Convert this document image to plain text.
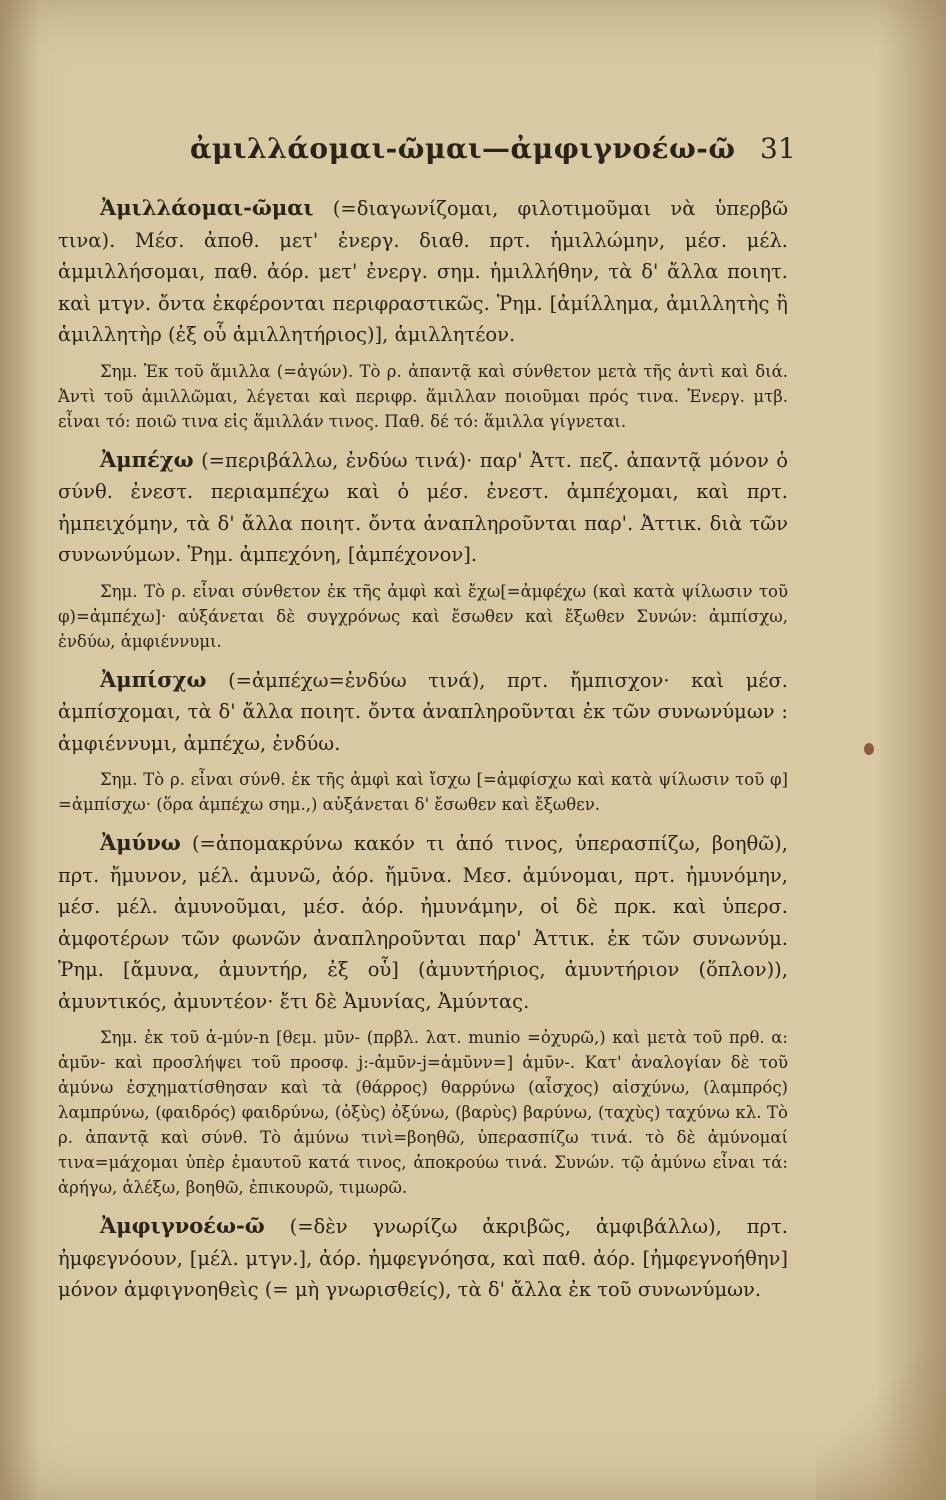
ἀμιλλάομαι-ῶμαι—ἀμφιγνοέω-ῶ 31

Ἀμιλλάομαι-ῶμαι (=διαγωνίζομαι, φιλοτιμοῦμαι νὰ ὑπερβῶ τινα). Μέσ. ἀποθ. μετ' ἐνεργ. διαθ. πρτ. ἡμιλλώμην, μέσ. μέλ. ἁμμιλλήσομαι, παθ. ἀόρ. μετ' ἐνεργ. σημ. ἡμιλλήθην, τὰ δ' ἄλλα ποιητ. καὶ μτγν. ὄντα ἐκφέρονται περιφραστικῶς. Ῥημ. [ἀμίλλημα, ἀμιλλητὴς ἢ ἁμιλλητὴρ (ἐξ οὗ ἁμιλλητήριος)], ἁμιλλητέον.

Σημ. Ἐκ τοῦ ἅμιλλα (=ἀγών). Τὸ ρ. ἀπαντᾷ καὶ σύνθετον μετὰ τῆς ἀντὶ καὶ διά. Ἀντὶ τοῦ ἁμιλλῶμαι, λέγεται καὶ περιφρ. ἅμιλλαν ποιοῦμαι πρός τινα. Ἐνεργ. μτβ. εἶναι τό: ποιῶ τινα εἰς ἅμιλλάν τινος. Παθ. δέ τό: ἅμιλλα γίγνεται.

Ἀμπέχω (=περιβάλλω, ἐνδύω τινά)· παρ' Ἀττ. πεζ. ἀπαντᾷ μόνον ὁ σύνθ. ἐνεστ. περιαμπέχω καὶ ὁ μέσ. ἐνεστ. ἀμπέχομαι, καὶ πρτ. ἠμπειχόμην, τὰ δ' ἄλλα ποιητ. ὄντα ἀναπληροῦνται παρ'. Ἀττικ. διὰ τῶν συνωνύμων. Ῥημ. ἀμπεχόνη, [ἀμπέχονον].

Σημ. Τὸ ρ. εἶναι σύνθετον ἐκ τῆς ἀμφὶ καὶ ἔχω[=ἀμφέχω (καὶ κατὰ ψίλωσιν τοῦ φ)=ἀμπέχω]· αὐξάνεται δὲ συγχρόνως καὶ ἔσωθεν καὶ ἔξωθεν Συνών: ἀμπίσχω, ἐνδύω, ἀμφιέννυμι.

Ἀμπίσχω (=ἀμπέχω=ἐνδύω τινά), πρτ. ἤμπισχον· καὶ μέσ. ἀμπίσχομαι, τὰ δ' ἄλλα ποιητ. ὄντα ἀναπληροῦνται ἐκ τῶν συνωνύμων : ἀμφιέννυμι, ἀμπέχω, ἐνδύω.

Σημ. Τὸ ρ. εἶναι σύνθ. ἐκ τῆς ἀμφὶ καὶ ἴσχω [=ἀμφίσχω καὶ κατὰ ψίλωσιν τοῦ φ] =ἀμπίσχω· (ὅρα ἀμπέχω σημ.,) αὐξάνεται δ' ἔσωθεν καὶ ἔξωθεν.

Ἀμύνω (=ἀπομακρύνω κακόν τι ἀπό τινος, ὑπερασπίζω, βοηθῶ), πρτ. ἤμυνον, μέλ. ἀμυνῶ, ἀόρ. ἤμῡνα. Μεσ. ἀμύνομαι, πρτ. ἠμυνόμην, μέσ. μέλ. ἀμυνοῦμαι, μέσ. ἀόρ. ἠμυνάμην, οἱ δὲ πρκ. καὶ ὑπερσ. ἀμφοτέρων τῶν φωνῶν ἀναπληροῦνται παρ' Ἀττικ. ἐκ τῶν συνωνύμ. Ῥημ. [ἄμυνα, ἀμυντήρ, ἐξ οὗ] (ἀμυντήριος, ἀμυντήριον (ὅπλον)), ἀμυντικός, ἀμυντέον· ἔτι δὲ Ἀμυνίας, Ἀμύντας.

Σημ. ἐκ τοῦ ἀ-μύν-n [θεμ. μῡν- (πρβλ. λατ. munio =ὀχυρῶ,) καὶ μετὰ τοῦ πρθ. α: ἀμῡν- καὶ προσλήψει τοῦ προσφ. j:-ἀμῡν-j=ἀμῡνν=] ἀμῡν-. Κατ' ἀναλογίαν δὲ τοῦ ἀμύνω ἐσχηματίσθησαν καὶ τὰ (θάρρος) θαρρύνω (αἶσχος) αἰσχύνω, (λαμπρός) λαμπρύνω, (φαιδρός) φαιδρύνω, (ὀξὺς) ὀξύνω, (βαρὺς) βαρύνω, (ταχὺς) ταχύνω κλ. Τὸ ρ. ἀπαντᾷ καὶ σύνθ. Τὸ ἀμύνω τινὶ=βοηθῶ, ὑπερασπίζω τινά. τὸ δὲ ἀμύνομαί τινα=μάχομαι ὑπὲρ ἐμαυτοῦ κατά τινος, ἀποκρούω τινά. Συνών. τῷ ἀμύνω εἶναι τά: ἀρήγω, ἀλέξω, βοηθῶ, ἐπικουρῶ, τιμωρῶ.

Ἀμφιγνοέω-ῶ (=δὲν γνωρίζω ἀκριβῶς, ἀμφιβάλλω), πρτ. ἠμφεγνόουν, [μέλ. μτγν.], ἀόρ. ἠμφεγνόησα, καὶ παθ. ἀόρ. [ἠμφεγνοήθην] μόνον ἀμφιγνοηθεὶς (= μὴ γνωρισθείς), τὰ δ' ἄλλα ἐκ τοῦ συνωνύμων.
